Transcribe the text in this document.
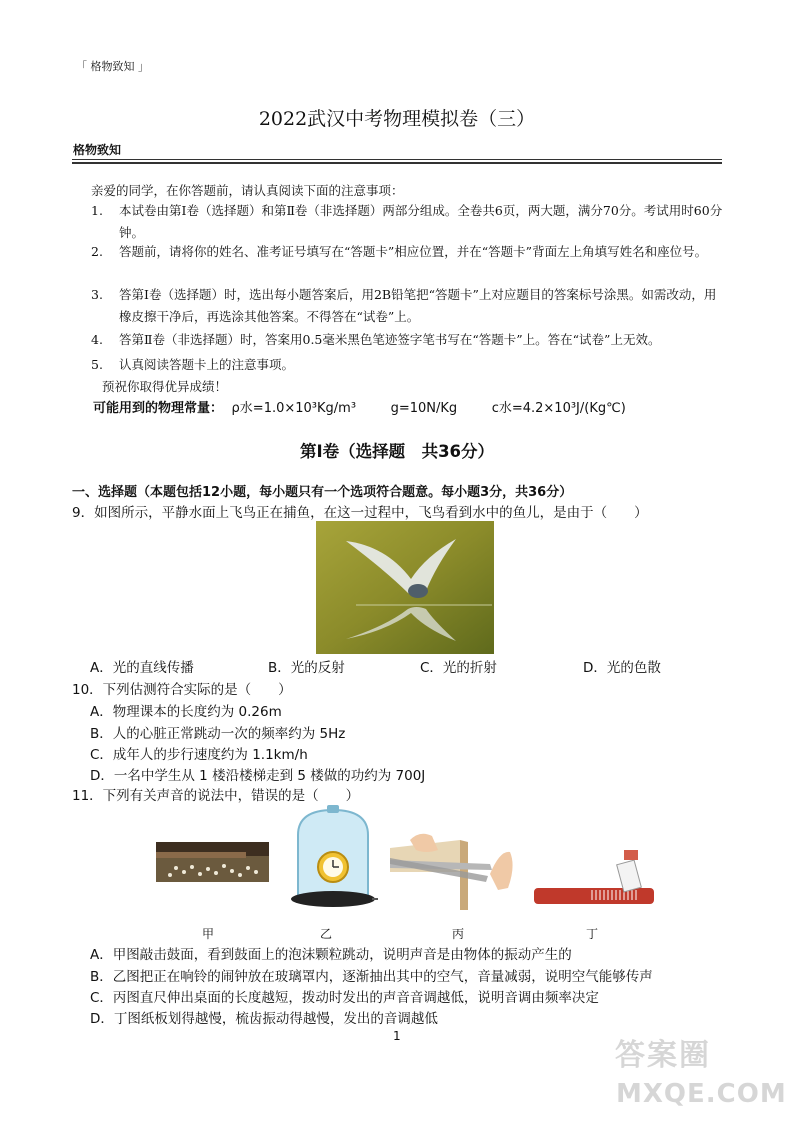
「 格物致知 」
2022武汉中考物理模拟卷（三）
格物致知
亲爱的同学，在你答题前，请认真阅读下面的注意事项：
1. 本试卷由第Ⅰ卷（选择题）和第Ⅱ卷（非选择题）两部分组成。全卷共6页，两大题，满分70分。考试用时60分钟。
2. 答题前，请将你的姓名、准考证号填写在“答题卡”相应位置，并在“答题卡”背面左上角填写姓名和座位号。
3. 答第Ⅰ卷（选择题）时，选出每小题答案后，用2B铅笔把“答题卡”上对应题目的答案标号涂黑。如需改动，用橡皮擦干净后，再选涂其他答案。不得答在“试卷”上。
4. 答第Ⅱ卷（非选择题）时，答案用0.5毫米黑色笔迹签字笔书写在“答题卡”上。答在“试卷”上无效。
5. 认真阅读答题卡上的注意事项。
预祝你取得优异成绩！
可能用到的物理常量： ρ水=1.0×10³Kg/m³	g=10N/Kg	c水=4.2×10³J/(Kg℃)
第Ⅰ卷（选择题　共36分）
一、选择题（本题包括12小题，每小题只有一个选项符合题意。每小题3分，共36分）
9．如图所示，平静水面上飞鸟正在捕鱼，在这一过程中，飞鸟看到水中的鱼儿，是由于（　　）
A．光的直线传播	B．光的反射	C．光的折射	D．光的色散
10．下列估测符合实际的是（　　）
A．物理课本的长度约为 0.26m
B．人的心脏正常跳动一次的频率约为 5Hz
C．成年人的步行速度约为 1.1km/h
D．一名中学生从 1 楼沿楼梯走到 5 楼做的功约为 700J
11．下列有关声音的说法中，错误的是（　　）
甲	乙	丙	丁
A．甲图敲击鼓面，看到鼓面上的泡沫颗粒跳动，说明声音是由物体的振动产生的
B．乙图把正在响铃的闹钟放在玻璃罩内，逐渐抽出其中的空气，音量减弱，说明空气能够传声
C．丙图直尺伸出桌面的长度越短，拨动时发出的声音音调越低，说明音调由频率决定
D．丁图纸板划得越慢，梳齿振动得越慢，发出的音调越低
1
答案圈
MXQE.COM
